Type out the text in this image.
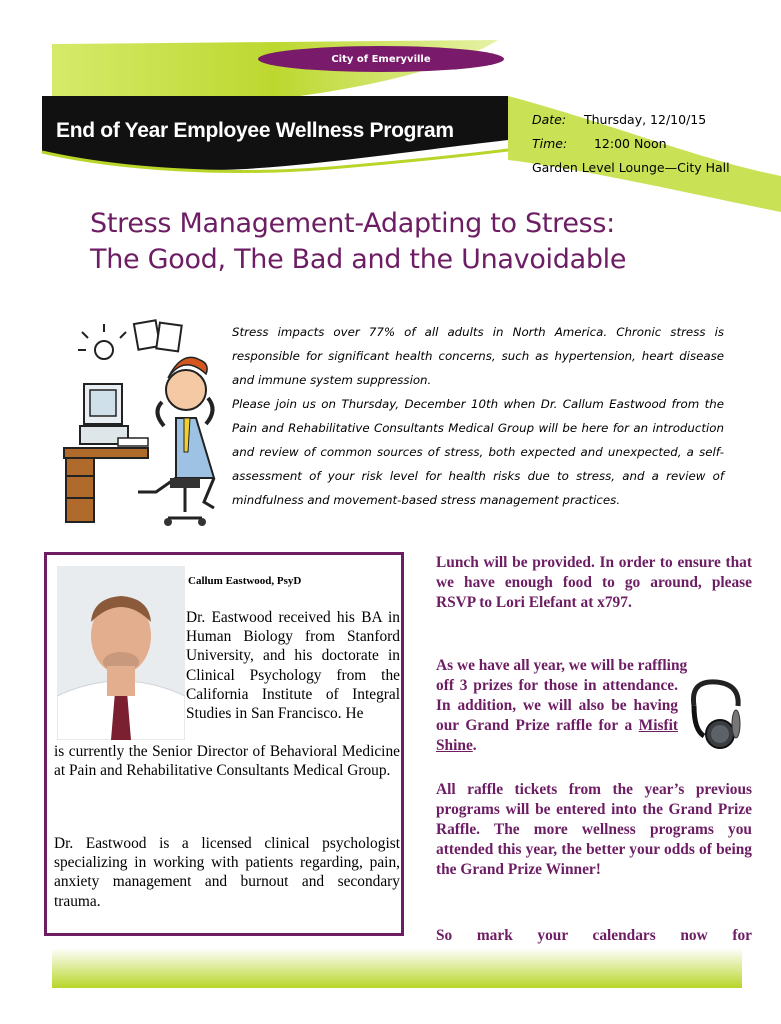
City of Emeryville
End of Year Employee Wellness Program	Date: Thursday, 12/10/15
Time: 12:00 Noon
Garden Level Lounge—City Hall
Stress Management-Adapting to Stress:
The Good, The Bad and the Unavoidable

Stress impacts over 77% of all adults in North America. Chronic stress is responsible for significant health concerns, such as hypertension, heart disease and immune system suppression.

Please join us on Thursday, December 10th when Dr. Callum Eastwood from the Pain and Rehabilitative Consultants Medical Group will be here for an introduction and review of common sources of stress, both expected and unexpected, a self-assessment of your risk level for health risks due to stress, and a review of mindfulness and movement-based stress management practices.

Callum Eastwood, PsyD
Dr. Eastwood received his BA in Human Biology from Stanford University, and his doctorate in Clinical Psychology from the California Institute of Integral Studies in San Francisco. He
is currently the Senior Director of Behavioral Medicine at Pain and Rehabilitative Consultants Medical Group.
Dr. Eastwood is a licensed clinical psychologist specializing in working with patients regarding, pain, anxiety management and burnout and secondary trauma.
Lunch will be provided. In order to ensure that we have enough food to go around, please RSVP to Lori Elefant at x797.
As we have all year, we will be raffling
off 3 prizes for those in attendance. In addition, we will also be having our Grand Prize raffle for a Misfit Shine.
All raffle tickets from the year’s previous programs will be entered into the Grand Prize Raffle. The more wellness programs you attended this year, the better your odds of being the Grand Prize Winner!
So mark your calendars now for
